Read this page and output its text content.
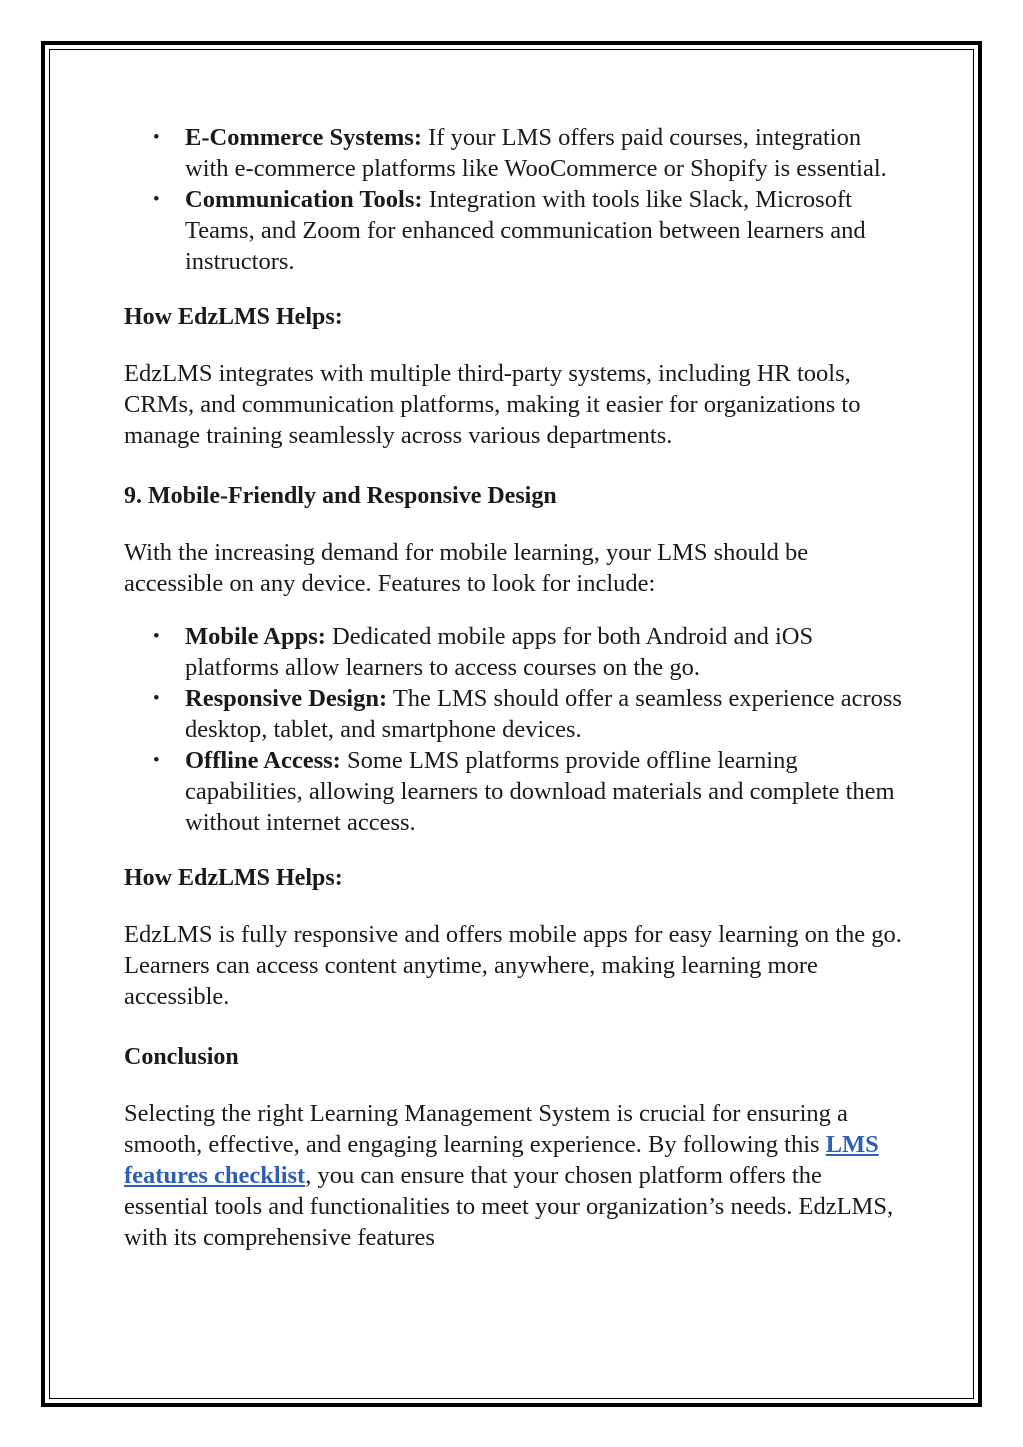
• E-Commerce Systems: If your LMS offers paid courses, integration with e-commerce platforms like WooCommerce or Shopify is essential.
• Communication Tools: Integration with tools like Slack, Microsoft Teams, and Zoom for enhanced communication between learners and instructors.

How EdzLMS Helps:

EdzLMS integrates with multiple third-party systems, including HR tools, CRMs, and communication platforms, making it easier for organizations to manage training seamlessly across various departments.

9. Mobile-Friendly and Responsive Design

With the increasing demand for mobile learning, your LMS should be accessible on any device. Features to look for include:

• Mobile Apps: Dedicated mobile apps for both Android and iOS platforms allow learners to access courses on the go.
• Responsive Design: The LMS should offer a seamless experience across desktop, tablet, and smartphone devices.
• Offline Access: Some LMS platforms provide offline learning capabilities, allowing learners to download materials and complete them without internet access.

How EdzLMS Helps:

EdzLMS is fully responsive and offers mobile apps for easy learning on the go. Learners can access content anytime, anywhere, making learning more accessible.

Conclusion

Selecting the right Learning Management System is crucial for ensuring a smooth, effective, and engaging learning experience. By following this LMS features checklist, you can ensure that your chosen platform offers the essential tools and functionalities to meet your organization’s needs. EdzLMS, with its comprehensive features
